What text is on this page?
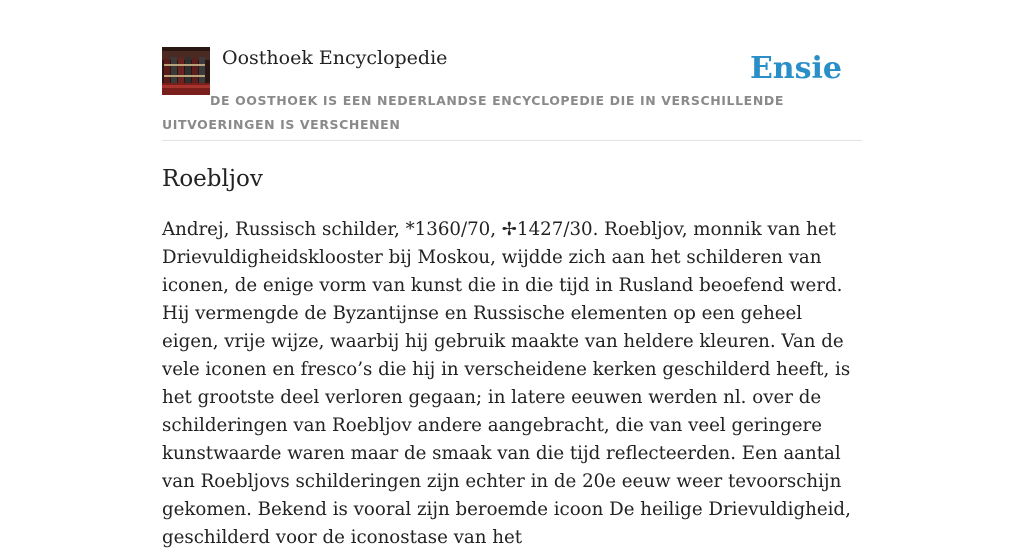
Oosthoek Encyclopedie	Ensie
DE OOSTHOEK IS EEN NEDERLANDSE ENCYCLOPEDIE DIE IN VERSCHILLENDE UITVOERINGEN IS VERSCHENEN
Roebljov

Andrej, Russisch schilder, *1360/70, ✢1427/30. Roebljov, monnik van het Drievuldigheidsklooster bij Moskou, wijdde zich aan het schilderen van iconen, de enige vorm van kunst die in die tijd in Rusland beoefend werd. Hij vermengde de Byzantijnse en Russische elementen op een geheel eigen, vrije wijze, waarbij hij gebruik maakte van heldere kleuren. Van de vele iconen en fresco’s die hij in verscheidene kerken geschilderd heeft, is het grootste deel verloren gegaan; in latere eeuwen werden nl. over de schilderingen van Roebljov andere aangebracht, die van veel geringere kunstwaarde waren maar de smaak van die tijd reflecteerden. Een aantal van Roebljovs schilderingen zijn echter in de 20e eeuw weer tevoorschijn gekomen. Bekend is vooral zijn beroemde icoon De heilige Drievuldigheid, geschilderd voor de iconostase van het
